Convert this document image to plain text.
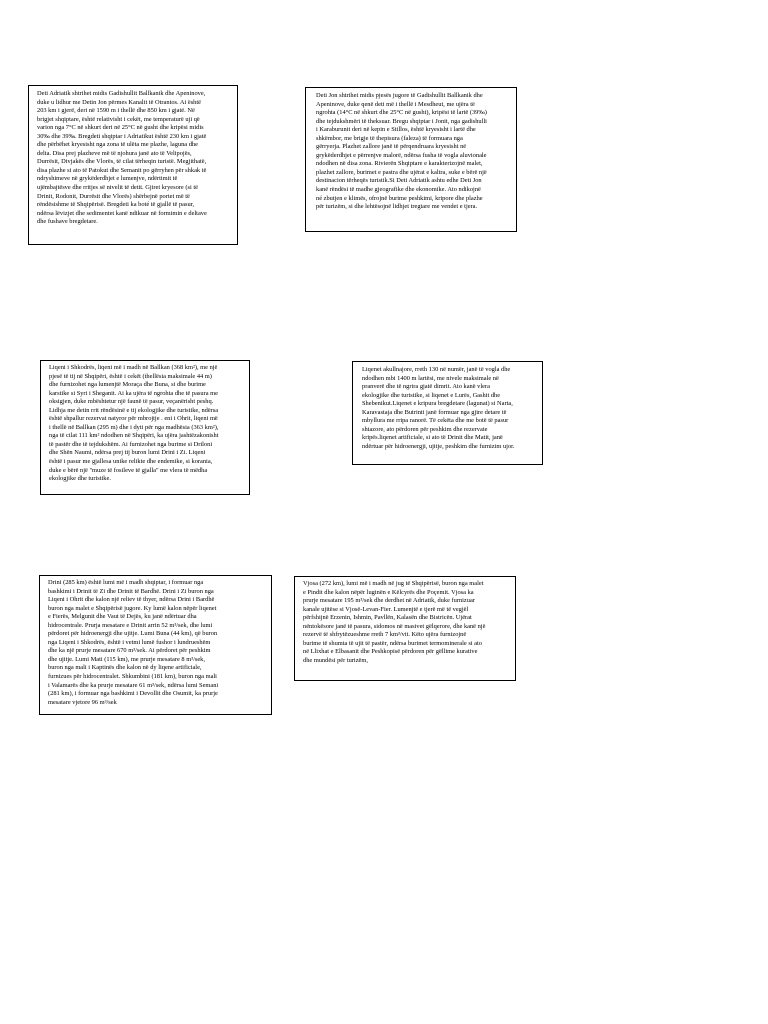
Deti Adriatik shtrihet midis Gadishullit Ballkanik dhe Apeninove,
duke u lidhur me Detin Jon përmes Kanalit të Otrantos. Ai është
203 km i gjerë, deri në 1590 m i thellë dhe 850 km i gjatë. Në
brigjet shqiptare, është relativisht i cekët, me temperaturë uji që
varion nga 7°C në shkurt deri në 25°C në gusht dhe kripësi midis
30‰ dhe 39‰. Bregdeti shqiptar i Adriatikut është 230 km i gjatë
dhe përbëhet kryesisht nga zona të ulëta me plazhe, laguna dhe
delta. Disa prej plazheve më të njohura janë ato të Velipojës,
Durrësit, Divjakës dhe Vlorës, të cilat tërheqin turistë. Megjithatë,
disa plazhe si ato të Patokut dhe Semanit po gërryhen për shkak të
ndryshimeve në grykëderdhjet e lumenjve, ndërtimit të
ujëmbajtësve dhe rritjes së nivelit të detit. Gjiret kryesore (si të
Drinit, Rodonit, Durrësit dhe Vlorës) shërbejnë portet më të
rëndësishme të Shqipërisë. Bregdeti ka boté të gjallë të pasur,
ndërsa lëvizjet dhe sedimentet kanë ndikuar në formimin e deltave
dhe fushave bregdetare.

Deti Jon shtrihet midis pjesës jugore të Gadishullit Ballkanik dhe
Apeninove, duke qenë deti më i thellë i Mesdheut, me ujëra të
ngrohta (14°C në shkurt dhe 25°C në gusht), kripësi të lartë (39‰)
dhe tejdukshmëri të theksuar. Bregu shqiptar i Jonit, nga gadishulli
i Karaburunit deri në kepin e Stillos, është kryesisht i lartë dhe
shkëmbor, me brigje të thepisura (faleza) të formuara nga
gërryerja. Plazhet zallore janë të përqendruara kryesisht në
grykëderdhjet e përrenjve malorë, ndërsa fusha të vogla aluvionale
ndodhen në disa zona. Rivierën Shqiptare e karakterizojnë malet,
plazhet zallore, burimet e pastra dhe ujërat e kaltra, suke e bërë një
destinacion tërheqës turistik.Si Deti Adriatik ashtu edhe Deti Jon
kanë rëndësi të madhe gjeografike dhe ekonomike. Ato ndikojnë
né zbutjen e klimës, ofrojnë burime peshkimi, kripore dhe plazhe
për turizëm, si dhe lehtësojnë lidhjet tregtare me vendet e tjera.

Liqeni i Shkodrës, liqeni më i madh në Ballkan (368 km²), me një
pjesë të tij në Shqipëri, është i cekët (thellësia maksimale 44 m)
dhe furnizohet nga lumenjtë Moraça dhe Buna, si dhe burime
karstike si Syri i Sheganit. Ai ka ujëra të ngrohta dhe të pasura me
oksigjen, duke mbështetur një faunë të pasur, veçanërisht peshq.
Lidhja me detin rrit rëndësinë e tij ekologjike dhe turistike, ndërsa
është shpallur rezervat natyror për mbrojtje . eni i Ohrit, liqeni më
i thellë në Ballkan (295 m) dhe i dyti për nga madhësia (363 km²),
nga të cilat 111 km² ndodhen në Shqipëri, ka ujëra jashtëzakonisht
të pastër dhe të tejdukshëm. Ai furnizohet nga burime si Driloni
dhe Shën Naumi, ndërsa prej tij buron lumi Drini i Zi. Liqeni
është i pasur me gjallesa unike relikte dhe endemike, si korania,
duke e bërë një "muze të fosileve të gjalla" me vlera të mëdha
ekologjike dhe turistike.

Liqenet akullnajore, rreth 130 në numër, janë të vogla dhe
ndodhen mbi 1400 m lartësi, me nivele maksimale në
pranverë dhe të ngrira gjatë dimrit. Ato kanë vlera
ekologjike dhe turistike, si liqenet e Lurës, Gashit dhe
Shebenikut.Liqenet e kripura bregdetare (lagunat) si Narta,
Karavastaja dhe Butrinti janë formuar nga gjire detare të
mbyllura me rripa ranorë. Të cekëta dhe me botë të pasur
shtazore, ato përdoren për peshkim dhe rezervate
kripës.liqenet artificiale, si ato të Drinit dhe Matit, janë
ndërtuar për hidroenergji, ujitje, peshkim dhe furnizim ujor.

Drini (285 km) është lumi më i madh shqiptar, i formuar nga
bashkimi i Drinit të Zi dhe Drinit të Bardhë. Drini i Zi buron nga
Liqeni i Ohrit dhe kalon një reliev të thyer, ndërsa Drini i Bardhë
buron nga malet e Shqipërisë jugore. Ky lumë kalon nëpër liqenet
e Fierës, Melgunit dhe Vaut të Dejës, ku janë ndërtuar dha
hidrocentrale. Prurja mesatare e Drinit arrin 52 m³/sek, dhe lumi
përdoret për hidroenergji dhe ujitje. Lumi Buna (44 km), që buron
nga Liqeni i Shkodrës, është i vetmi lumë fushor i lundrueshëm
dhe ka një prurje mesatare 670 m³/sek. Ai përdoret për peshkim
dhe ujitje. Lumi Mati (115 km), me prurje mesatare 8 m³/sek,
buron nga mali i Kaptinës dhe kalon në dy liqene artificiale,
furnizues për hidrocentralet. Shkumbini (181 km), buron nga mali
i Valamarës dhe ka prurje mesatare 61 m³/sek, ndërsa lumi Semani
(281 km), i formuar nga bashkimi i Devollit dhe Osumit, ka prurje
mesatare vjetore 96 m³/sek

Vjosa (272 km), lumi më i madh në jug të Shqipërisë, buron nga malet
e Pindit dhe kalon nëpër luginën e Këlcyrës dhe Poçemit. Vjosa ka
prurje mesatare 195 m³/sek dhe derdhet në Adriatik, duke furnizuar
kanale ujitëse si Vjosë-Levan-Fier. Lumenjtë e tjerë më të vegjël
përfshijnë Erzenin, Ishmin, Pavllën, Kalasën dhe Bistricën. Ujërat
nëntokësore janë të pasura, sidomos në masivet gëlqerore, dhe kanë një
rezervë të shfrytëzueshme rreth 7 km³/vit. Këto ujëra furnizojnë
burime të shumta të ujit të pastër, ndërsa burimet termominerale si ato
në Llixhat e Elbasanit dhe Peshkopisë përdoren për gëllime kurative
dhe mundësi për turizëm,
